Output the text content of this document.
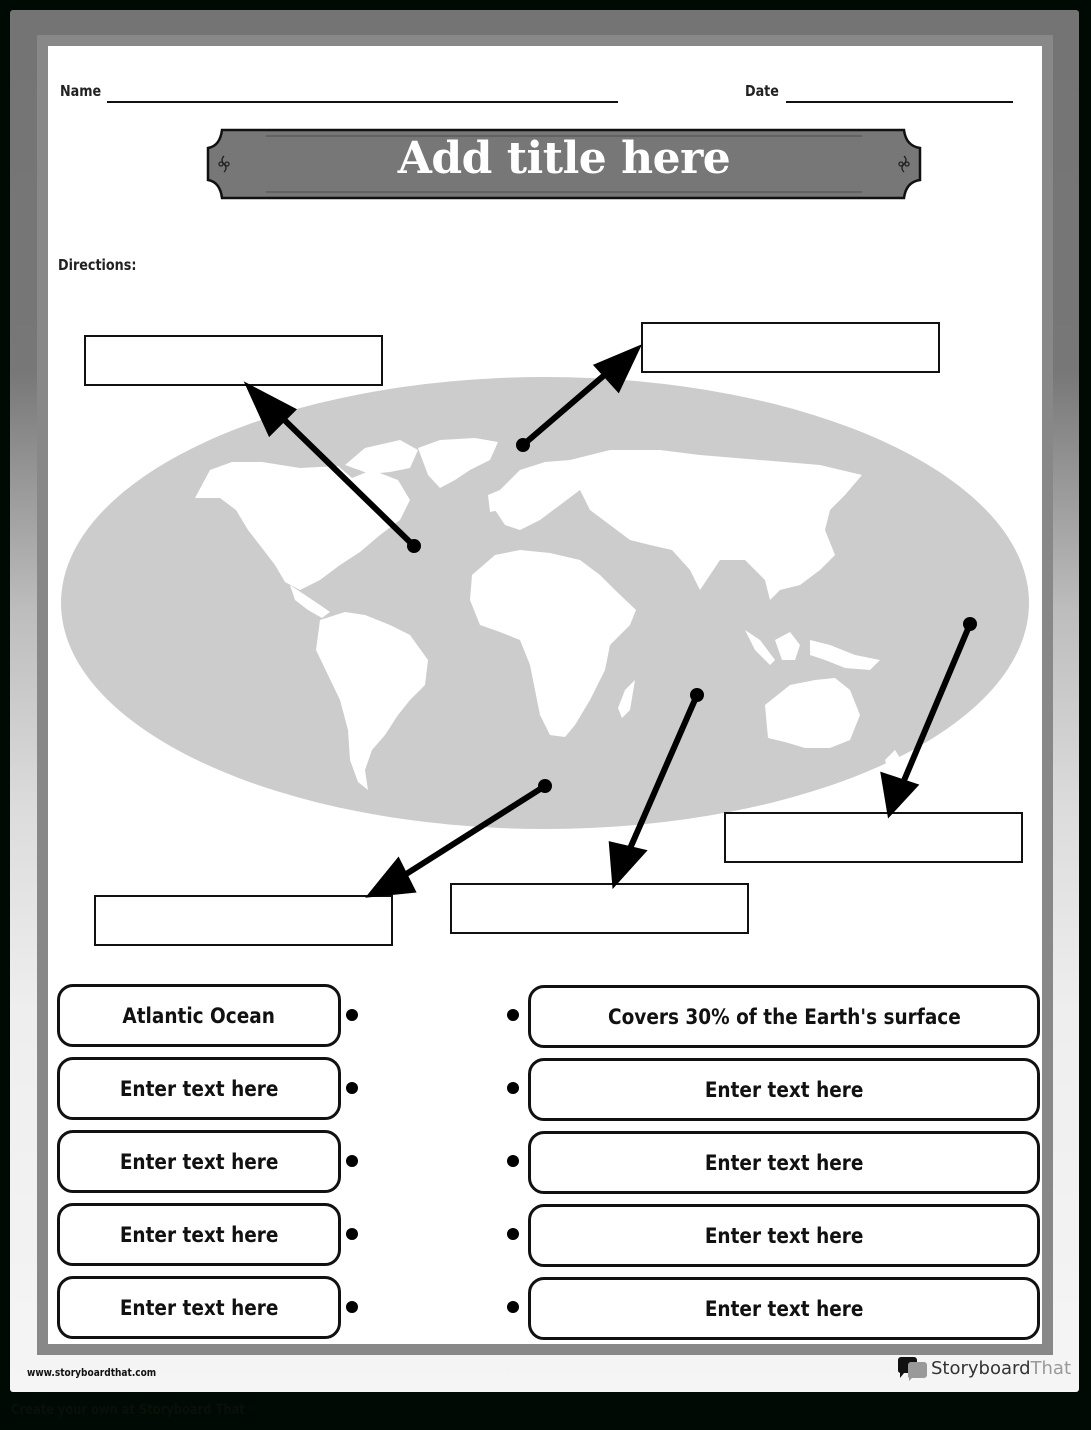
Name	Date
Add title here
Directions:
Atlantic Ocean
Enter text here
Enter text here
Enter text here
Enter text here
Covers 30% of the Earth's surface
Enter text here
Enter text here
Enter text here
Enter text here
www.storyboardthat.com	StoryboardThat
Create your own at Storyboard That
